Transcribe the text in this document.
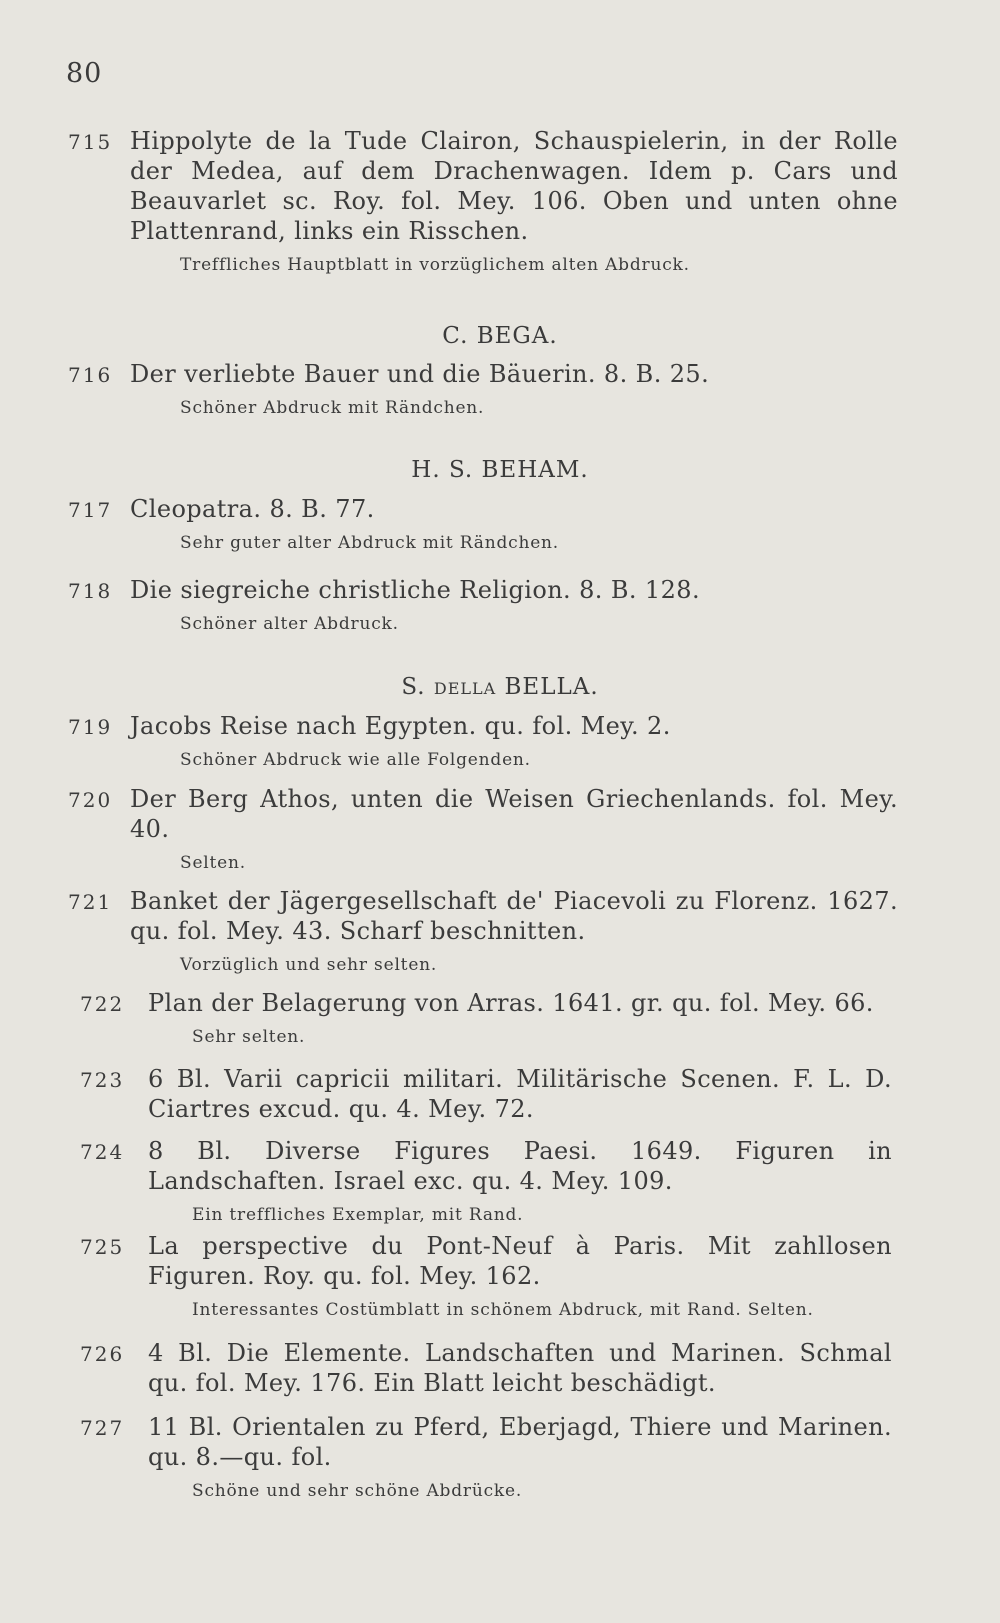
80
715 Hippolyte de la Tude Clairon, Schauspielerin, in der Rolle der Medea, auf dem Drachenwagen. Idem p. Cars und Beauvarlet sc. Roy. fol. Mey. 106. Oben und unten ohne Plattenrand, links ein Risschen.
Treffliches Hauptblatt in vorzüglichem alten Abdruck.
C. BEGA.
716 Der verliebte Bauer und die Bäuerin. 8. B. 25.
Schöner Abdruck mit Rändchen.
H. S. BEHAM.
717 Cleopatra. 8. B. 77.
Sehr guter alter Abdruck mit Rändchen.
718 Die siegreiche christliche Religion. 8. B. 128.
Schöner alter Abdruck.
S. DELLA BELLA.
719 Jacobs Reise nach Egypten. qu. fol. Mey. 2.
Schöner Abdruck wie alle Folgenden.
720 Der Berg Athos, unten die Weisen Griechenlands. fol. Mey. 40.
Selten.
721 Banket der Jägergesellschaft de' Piacevoli zu Florenz. 1627. qu. fol. Mey. 43. Scharf beschnitten.
Vorzüglich und sehr selten.
722 Plan der Belagerung von Arras. 1641. gr. qu. fol. Mey. 66.
Sehr selten.
723 6 Bl. Varii capricii militari. Militärische Scenen. F. L. D. Ciartres excud. qu. 4. Mey. 72.
724 8 Bl. Diverse Figures Paesi. 1649. Figuren in Landschaften. Israel exc. qu. 4. Mey. 109.
Ein treffliches Exemplar, mit Rand.
725 La perspective du Pont-Neuf à Paris. Mit zahllosen Figuren. Roy. qu. fol. Mey. 162.
Interessantes Costümblatt in schönem Abdruck, mit Rand. Selten.
726 4 Bl. Die Elemente. Landschaften und Marinen. Schmal qu. fol. Mey. 176. Ein Blatt leicht beschädigt.
727 11 Bl. Orientalen zu Pferd, Eberjagd, Thiere und Marinen. qu. 8.—qu. fol.
Schöne und sehr schöne Abdrücke.
